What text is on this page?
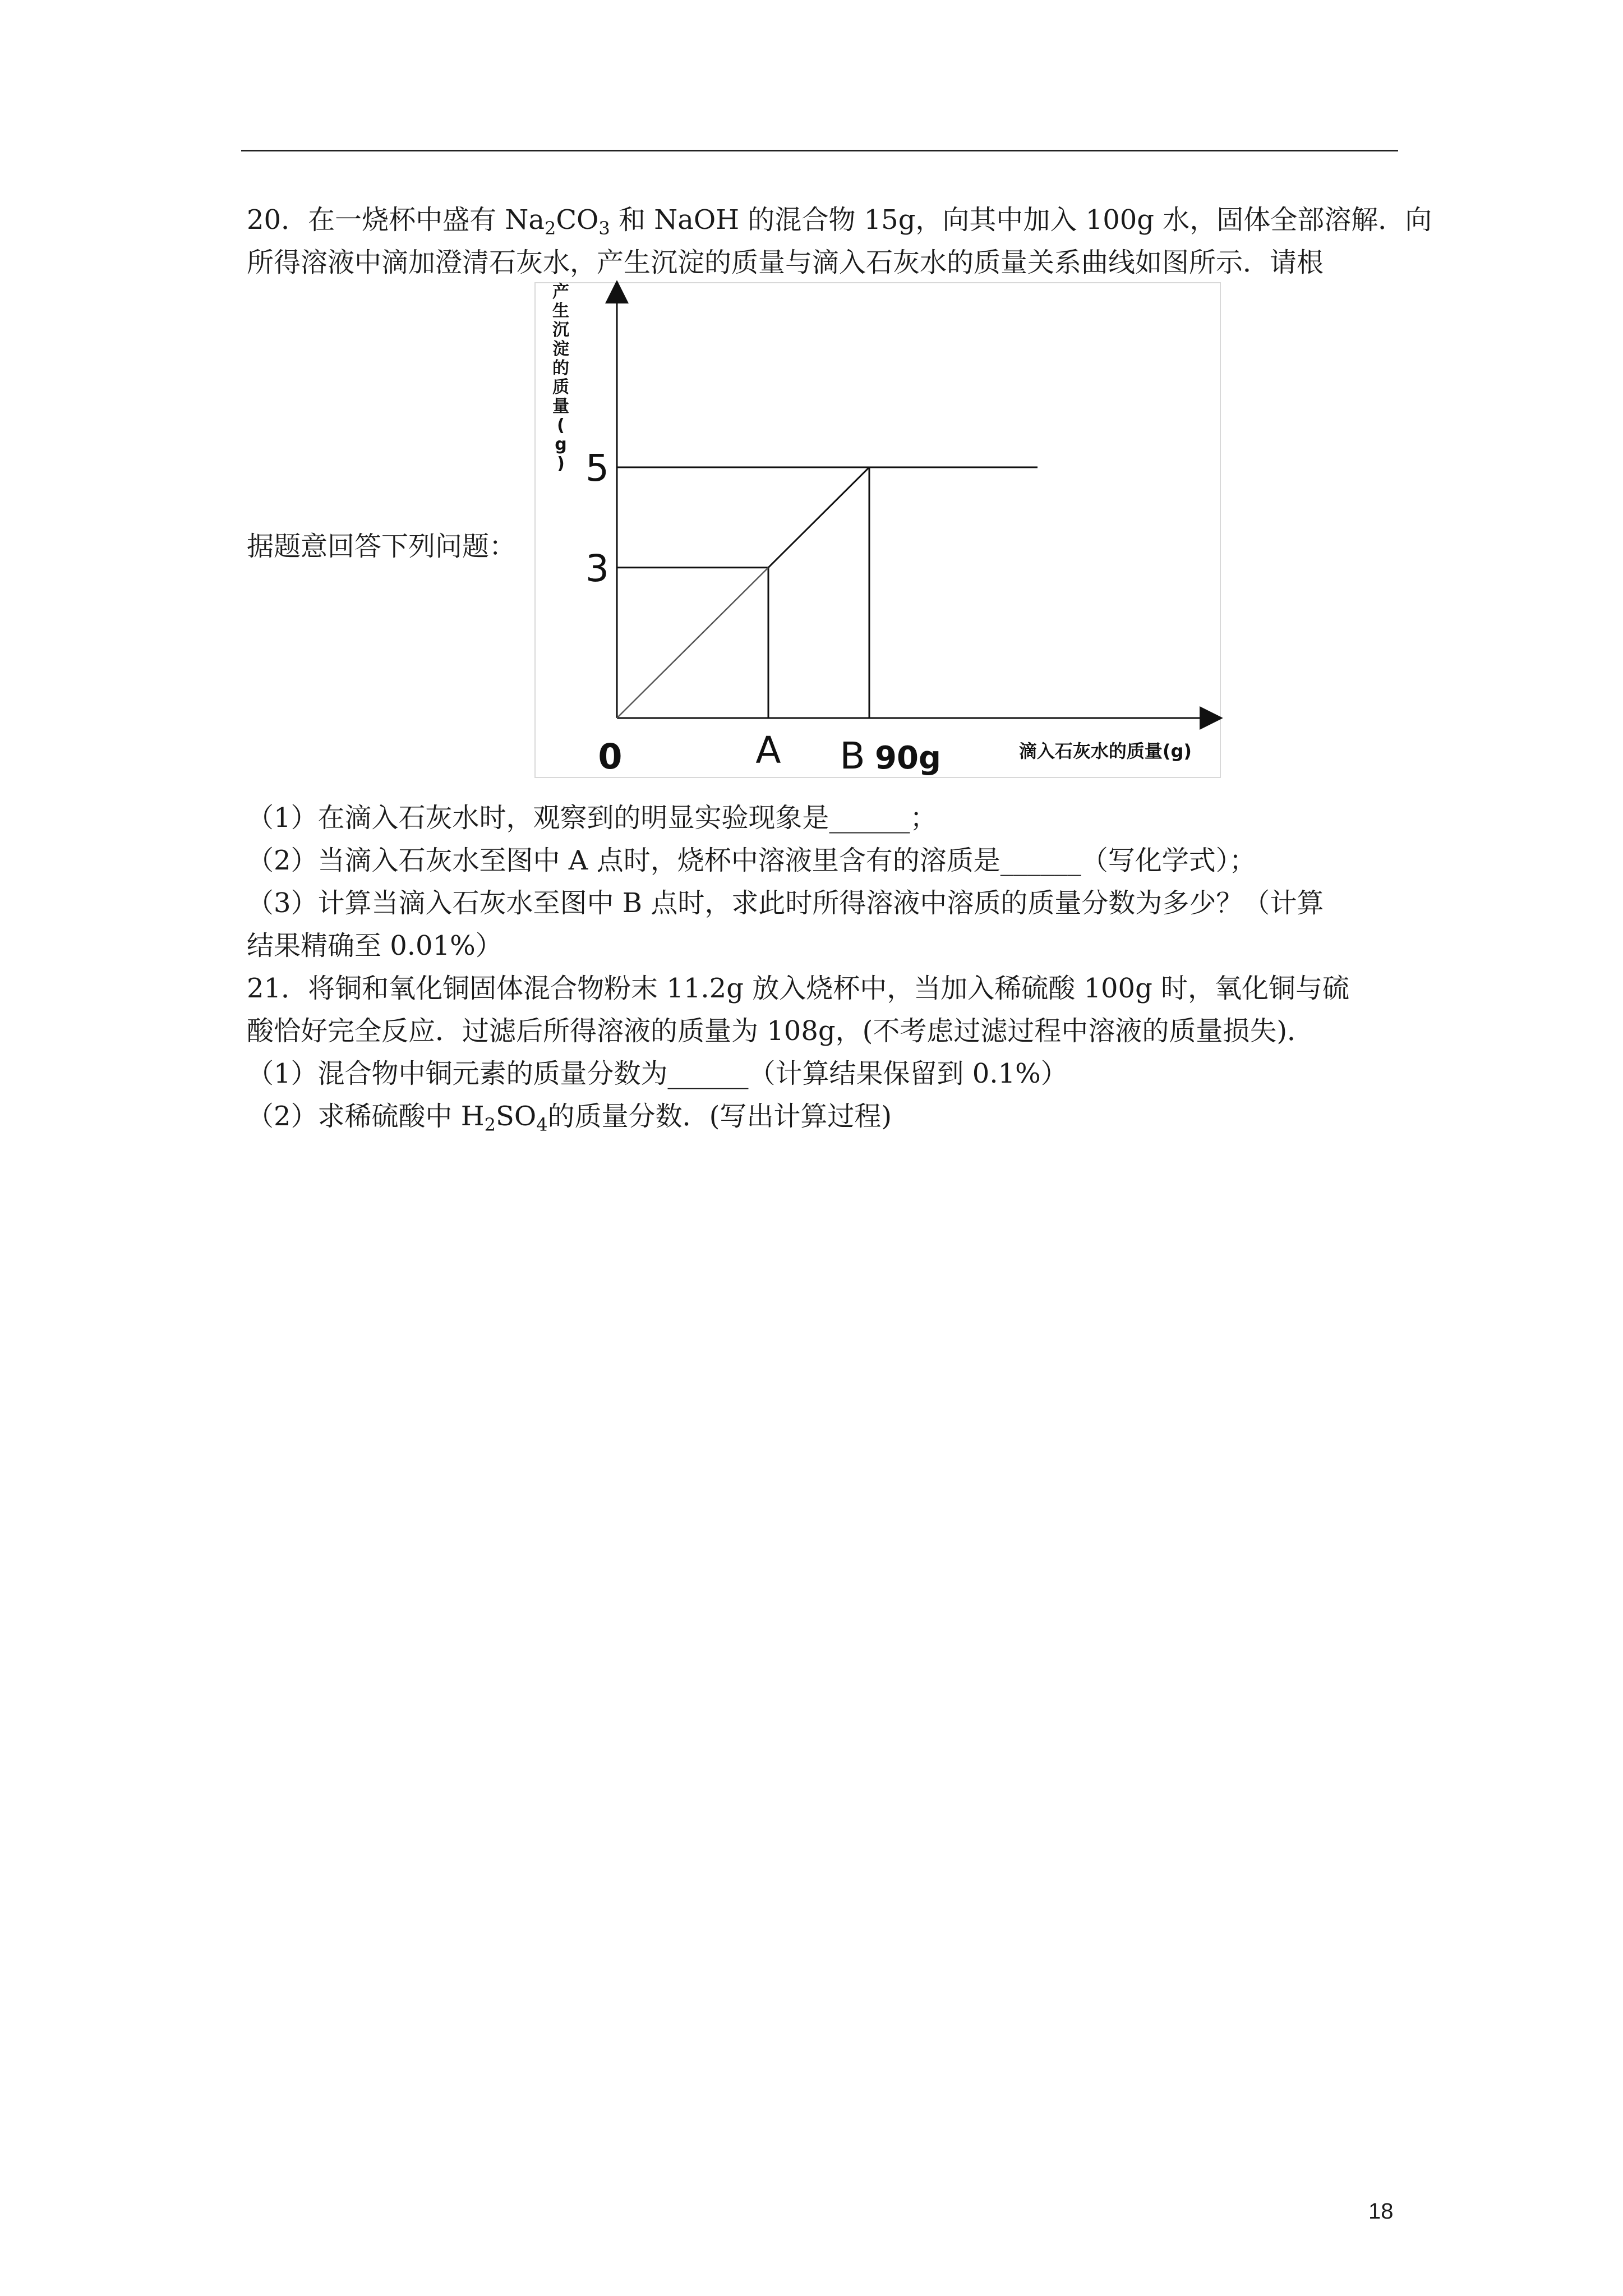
20．在一烧杯中盛有 $Na_2CO_3$ 和 NaOH 的混合物 15g，向其中加入 100g 水，固体全部溶解．向
所得溶液中滴加澄清石灰水，产生沉淀的质量与滴入石灰水的质量关系曲线如图所示．请根
据题意回答下列问题：
3
5
A B 90g
0
产生沉淀的质量( g )
滴入石灰水的质量(g)
（1）在滴入石灰水时，观察到的明显实验现象是______；
（2）当滴入石灰水至图中 A 点时，烧杯中溶液里含有的溶质是______（写化学式）；
（3）计算当滴入石灰水至图中 B 点时，求此时所得溶液中溶质的质量分数为多少？（计算
结果精确至 0.01%）
21．将铜和氧化铜固体混合物粉末 11.2g 放入烧杯中，当加入稀硫酸 100g 时，氧化铜与硫
酸恰好完全反应．过滤后所得溶液的质量为 108g，(不考虑过滤过程中溶液的质量损失)．
（1）混合物中铜元素的质量分数为______（计算结果保留到 0.1%）
（2）求稀硫酸中 $H_2SO_4$的质量分数．(写出计算过程)
18
